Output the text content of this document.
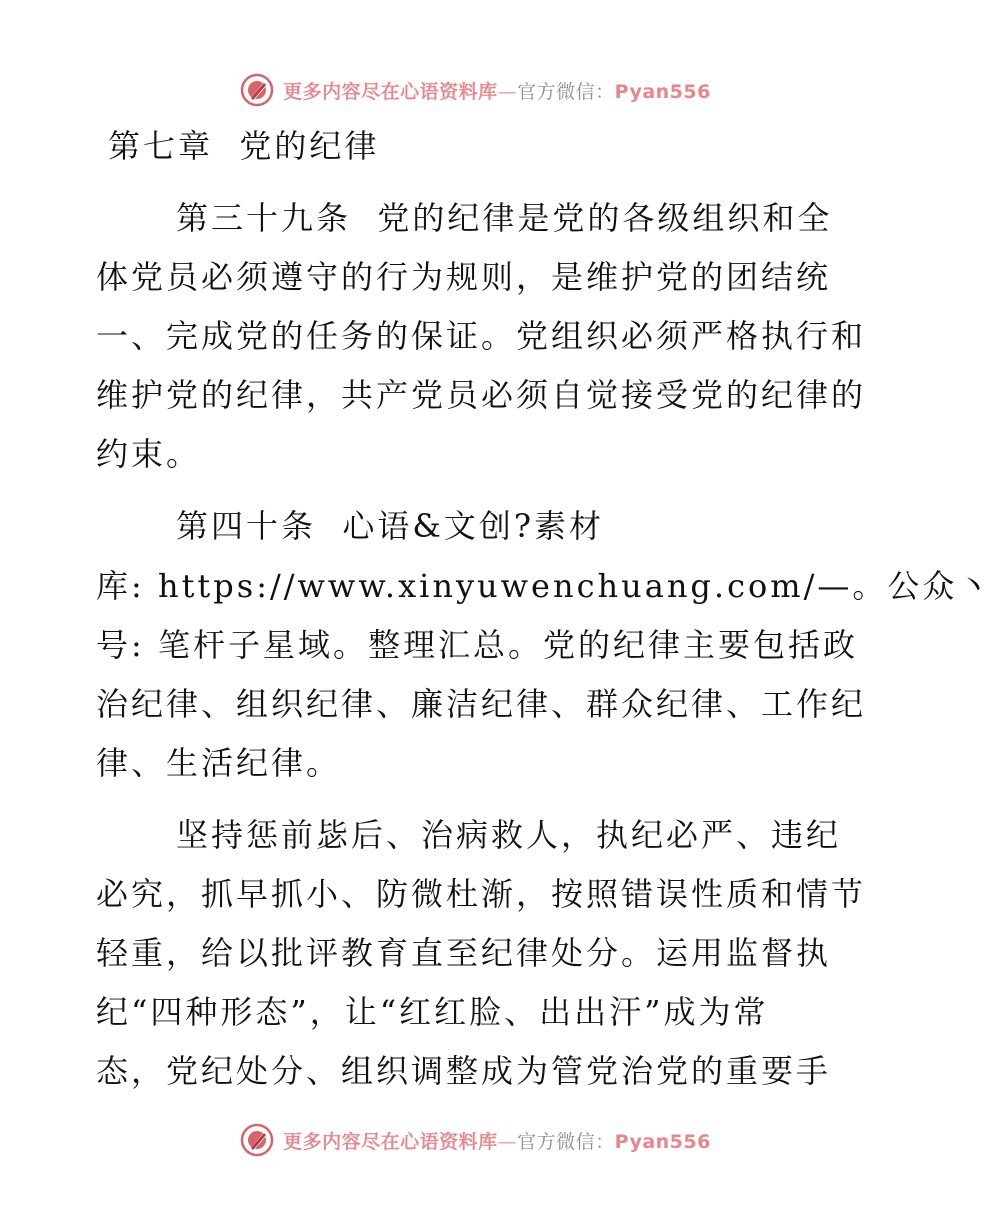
更多内容尽在心语资料库—官方微信：Pyan556
第七章  党的纪律
第三十九条  党的纪律是党的各级组织和全
体党员必须遵守的行为规则，是维护党的团结统
一、完成党的任务的保证。党组织必须严格执行和
维护党的纪律，共产党员必须自觉接受党的纪律的
约束。
第四十条  心语&文创?素材
库: https://www.xinyuwenchuang.com/—。公众丶
号: 笔杆子星域。整理汇总。党的纪律主要包括政
治纪律、组织纪律、廉洁纪律、群众纪律、工作纪
律、生活纪律。
坚持惩前毖后、治病救人，执纪必严、违纪
必究，抓早抓小、防微杜渐，按照错误性质和情节
轻重，给以批评教育直至纪律处分。运用监督执
纪“四种形态”，让“红红脸、出出汗”成为常
态，党纪处分、组织调整成为管党治党的重要手
更多内容尽在心语资料库—官方微信：Pyan556
